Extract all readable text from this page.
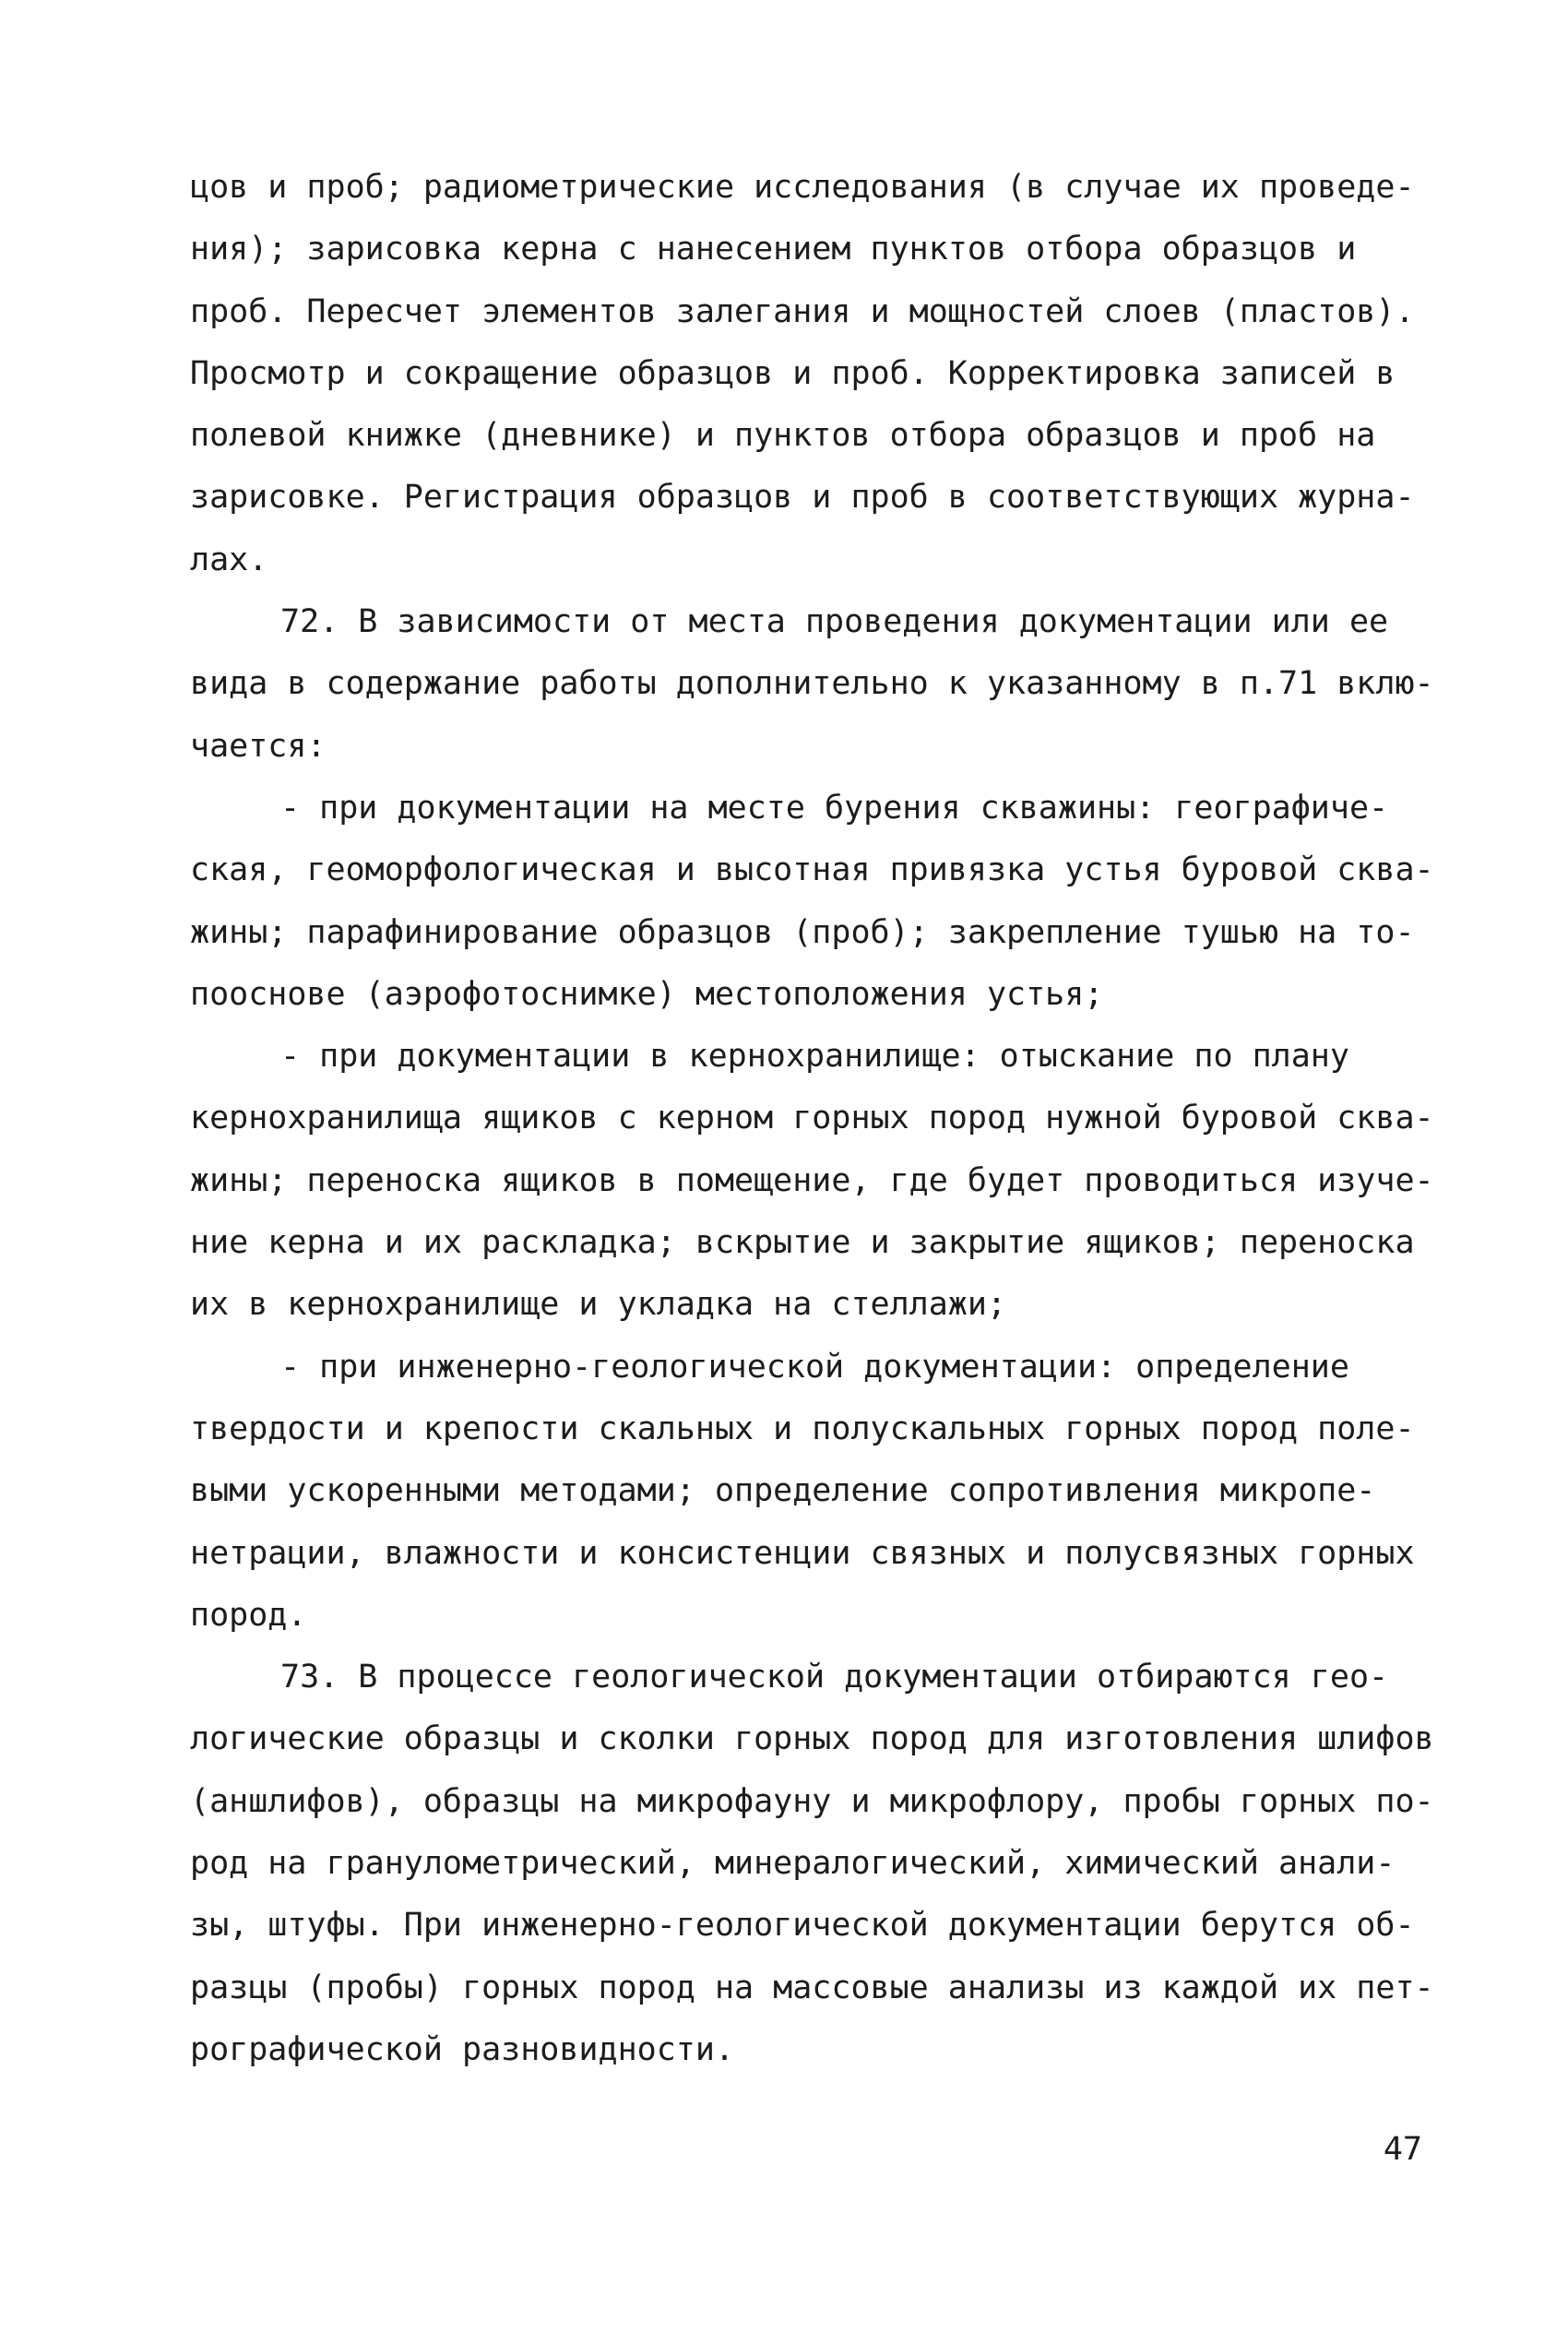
цов и проб; радиометрические исследования (в случае их проведе-
ния); зарисовка керна с нанесением пунктов отбора образцов и
проб. Пересчет элементов залегания и мощностей слоев (пластов).
Просмотр и сокращение образцов и проб. Корректировка записей в
полевой книжке (дневнике) и пунктов отбора образцов и проб на
зарисовке. Регистрация образцов и проб в соответствующих журна-
лах.
72. В зависимости от места проведения документации или ее
вида в содержание работы дополнительно к указанному в п.71 вклю-
чается:
- при документации на месте бурения скважины: географиче-
ская, геоморфологическая и высотная привязка устья буровой сква-
жины; парафинирование образцов (проб); закрепление тушью на то-
пооснове (аэрофотоснимке) местоположения устья;
- при документации в кернохранилище: отыскание по плану
кернохранилища ящиков с керном горных пород нужной буровой сква-
жины; переноска ящиков в помещение, где будет проводиться изуче-
ние керна и их раскладка; вскрытие и закрытие ящиков; переноска
их в кернохранилище и укладка на стеллажи;
- при инженерно-геологической документации: определение
твердости и крепости скальных и полускальных горных пород поле-
выми ускоренными методами; определение сопротивления микропе-
нетрации, влажности и консистенции связных и полусвязных горных
пород.
73. В процессе геологической документации отбираются гео-
логические образцы и сколки горных пород для изготовления шлифов
(аншлифов), образцы на микрофауну и микрофлору, пробы горных по-
род на гранулометрический, минералогический, химический анали-
зы, штуфы. При инженерно-геологической документации берутся об-
разцы (пробы) горных пород на массовые анализы из каждой их пет-
рографической разновидности.
47
